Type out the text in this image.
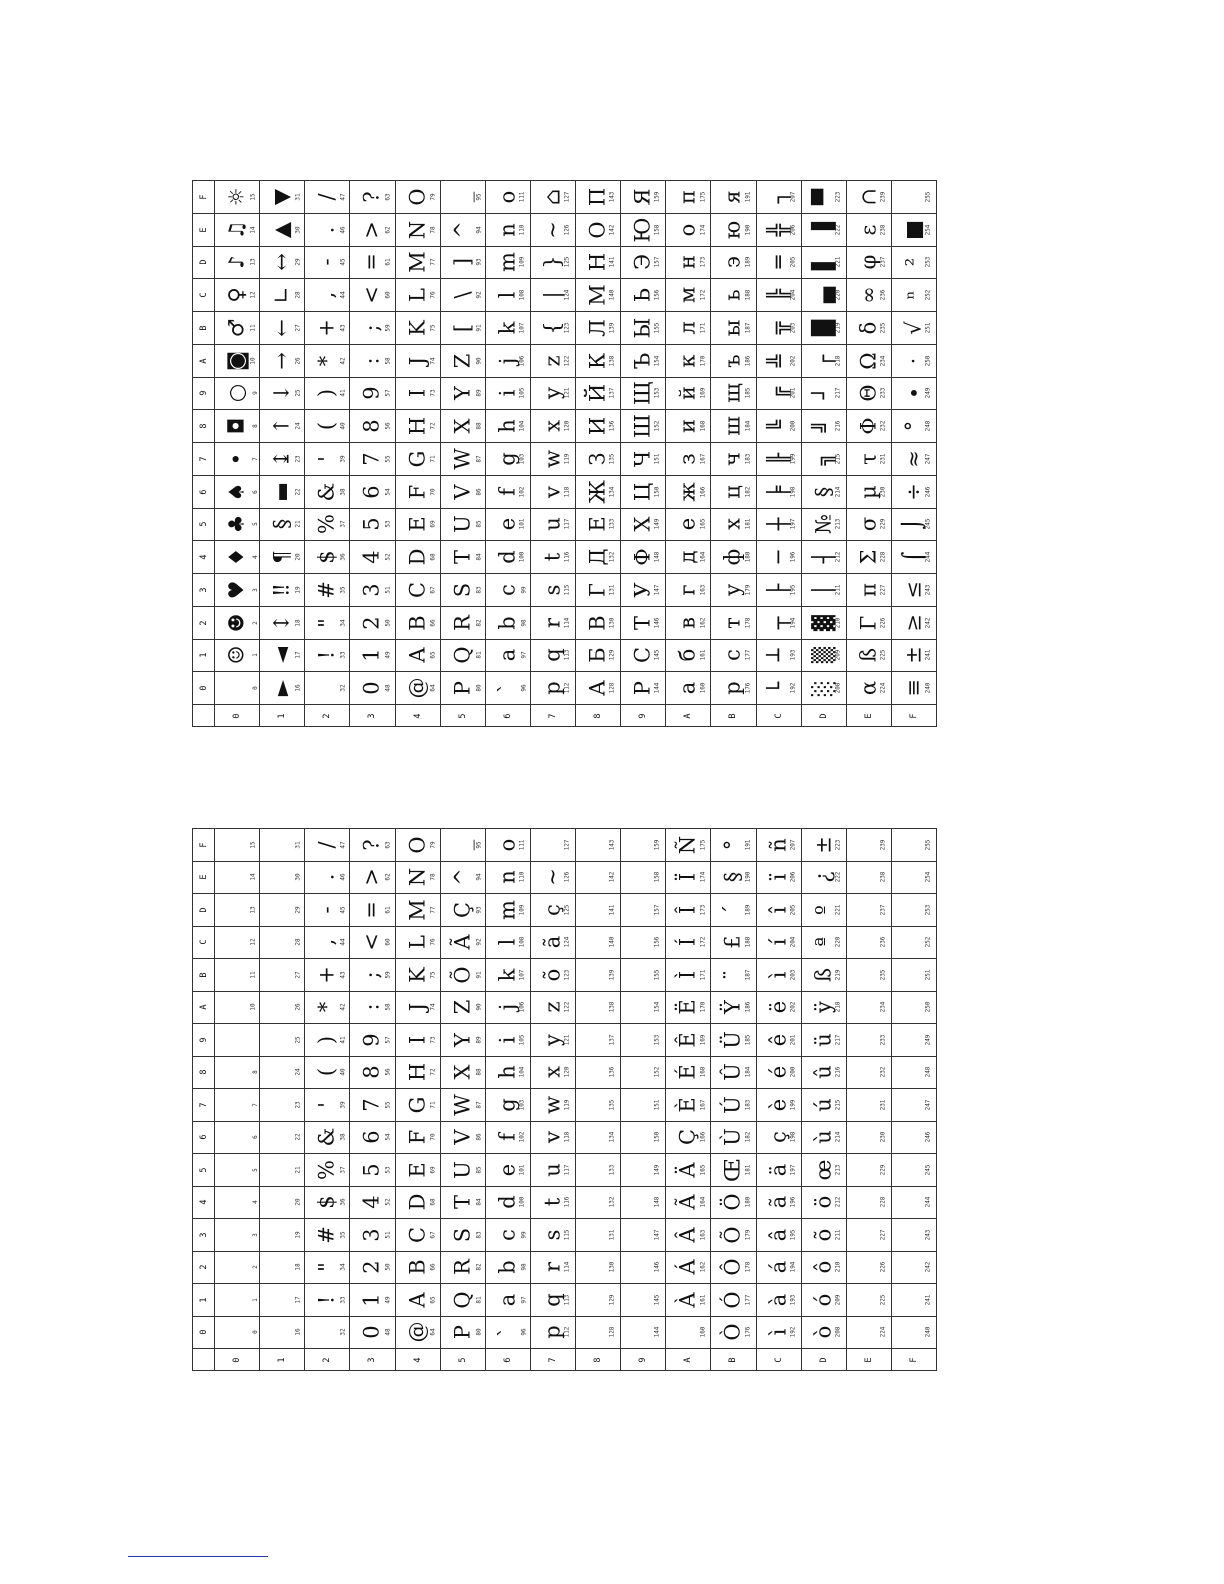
F	☼ 15	▼ 31	/ 47	? 63	O 79	_ 95	o 111	⌂ 127	П 143	Я 159	п 175	я 191	┐ 207	▀ 223	∩ 239	255

E	♫ 14	▲ 30	. 46	> 62	N 78	^ 94	n 110	~ 126	О 142	Ю 158	о 174	ю 190	╬ 206	▐ 222	ε 238	■ 254

D	♪ 13	↔ 29	- 45	= 61	M 77	] 93	m 109	} 125	Н 141	Э 157	н 173	э 189	═ 205	▌ 221	φ 237	² 253

C	♀ 12	∟ 28	, 44	< 60	L 76	\ 92	l 108	| 124	М 140	Ь 156	м 172	ь 188	╠ 204	▄ 220	∞ 236	ⁿ 252

B	♂ 11	← 27	+ 43	; 59	K 75	[ 91	k 107	{ 123	Л 139	Ы 155	л 171	ы 187	╦ 203	█ 219	δ 235	√ 251

A	◙ 10	→ 26	* 42	: 58	J 74	Z 90	j 106	z 122	К 138	Ъ 154	к 170	ъ 186	╩ 202	┌ 218	Ω 234	· 250

9	○ 9	↓ 25	) 41	9 57	I 73	Y 89	i 105	y 121	Й 137	Щ 153	й 169	щ 185	╔ 201	┘ 217	Θ 233	∙ 249

8	◘ 8	↑ 24	( 40	8 56	H 72	X 88	h 104	x 120	И 136	Ш 152	и 168	ш 184	╚ 200	╝ 216	Φ 232	° 248

7	• 7	↨ 23	' 39	7 55	G 71	W 87	g 103	w 119	З 135	Ч 151	з 167	ч 183	╟ 199	╗ 215	τ 231	≈ 247

6	♠ 6	▬ 22	& 38	6 54	F 70	V 86	f 102	v 118	Ж 134	Ц 150	ж 166	ц 182	╞ 198	§ 214	µ 230	÷ 246

5	♣ 5	§ 21	% 37	5 53	E 69	U 85	e 101	u 117	Е 133	Х 149	е 165	х 181	┼ 197	№ 213	σ 229	⌡ 245

4	♦ 4	¶ 20	$ 36	4 52	D 68	T 84	d 100	t 116	Д 132	Ф 148	д 164	ф 180	─ 196	┤ 212	Σ 228	⌠ 244

3	♥ 3	‼ 19	# 35	3 51	C 67	S 83	c 99	s 115	Г 131	У 147	г 163	у 179	├ 195	│ 211	π 227	≤ 243

2	☻ 2	↕ 18	" 34	2 50	B 66	R 82	b 98	r 114	В 130	Т 146	в 162	т 178	┬ 194	▓ 210	Γ 226	≥ 242

1	☺ 1	◄ 17	! 33	1 49	A 65	Q 81	a 97	q 113	Б 129	С 145	б 161	с 177	┴ 193	▒ 209	ß 225	± 241

0	0	► 16	32	0 48	@ 64	P 80	` 96	p 112	А 128	Р 144	а 160	р 176	└ 192	░ 208	α 224	≡ 240

	0	1	2	3	4	5	6	7	8	9	A	B	C	D	E	F
F	15	31	/ 47	? 63	O 79	_ 95	o 111	127	143	159	Ñ 175	° 191	ñ 207	± 223	239	255

E	14	30	. 46	> 62	N 78	^ 94	n 110	~ 126	142	158	Ï 174	§ 190	ï 206	¿ 222	238	254

D	13	29	- 45	= 61	M 77	Ç 93	m 109	ç 125	141	157	Î 173	´ 189	î 205	º 221	237	253

C	12	28	, 44	< 60	L 76	Ã 92	l 108	ã 124	140	156	Í 172	£ 188	í 204	ª 220	236	252

B	11	27	+ 43	; 59	K 75	Õ 91	k 107	õ 123	139	155	Ì 171	¨ 187	ì 203	ß 219	235	251

A	10	26	* 42	: 58	J 74	Z 90	j 106	z 122	138	154	Ë 170	Ÿ 186	ë 202	ÿ 218	234	250

9		25	) 41	9 57	I 73	Y 89	i 105	y 121	137	153	Ê 169	Ü 185	ê 201	ü 217	233	249

8	8	24	( 40	8 56	H 72	X 88	h 104	x 120	136	152	É 168	Û 184	é 200	û 216	232	248

7	7	23	' 39	7 55	G 71	W 87	g 103	w 119	135	151	È 167	Ú 183	è 199	ú 215	231	247

6	6	22	& 38	6 54	F 70	V 86	f 102	v 118	134	150	Ç 166	Ù 182	ç 198	ù 214	230	246

5	5	21	% 37	5 53	E 69	U 85	e 101	u 117	133	149	Ä 165	Œ 181	ä 197	œ 213	229	245

4	4	20	$ 36	4 52	D 68	T 84	d 100	t 116	132	148	Ã 164	Ö 180	ã 196	ö 212	228	244

3	3	19	# 35	3 51	C 67	S 83	c 99	s 115	131	147	Â 163	Õ 179	â 195	õ 211	227	243

2	2	18	" 34	2 50	B 66	R 82	b 98	r 114	130	146	Á 162	Ô 178	á 194	ô 210	226	242

1	1	17	! 33	1 49	A 65	Q 81	a 97	q 113	129	145	À 161	Ó 177	à 193	ó 209	225	241

0	0	16	32	0 48	@ 64	P 80	` 96	p 112	128	144	160	Ò 176	ì 192	ò 208	224	240

	0	1	2	3	4	5	6	7	8	9	A	B	C	D	E	F
